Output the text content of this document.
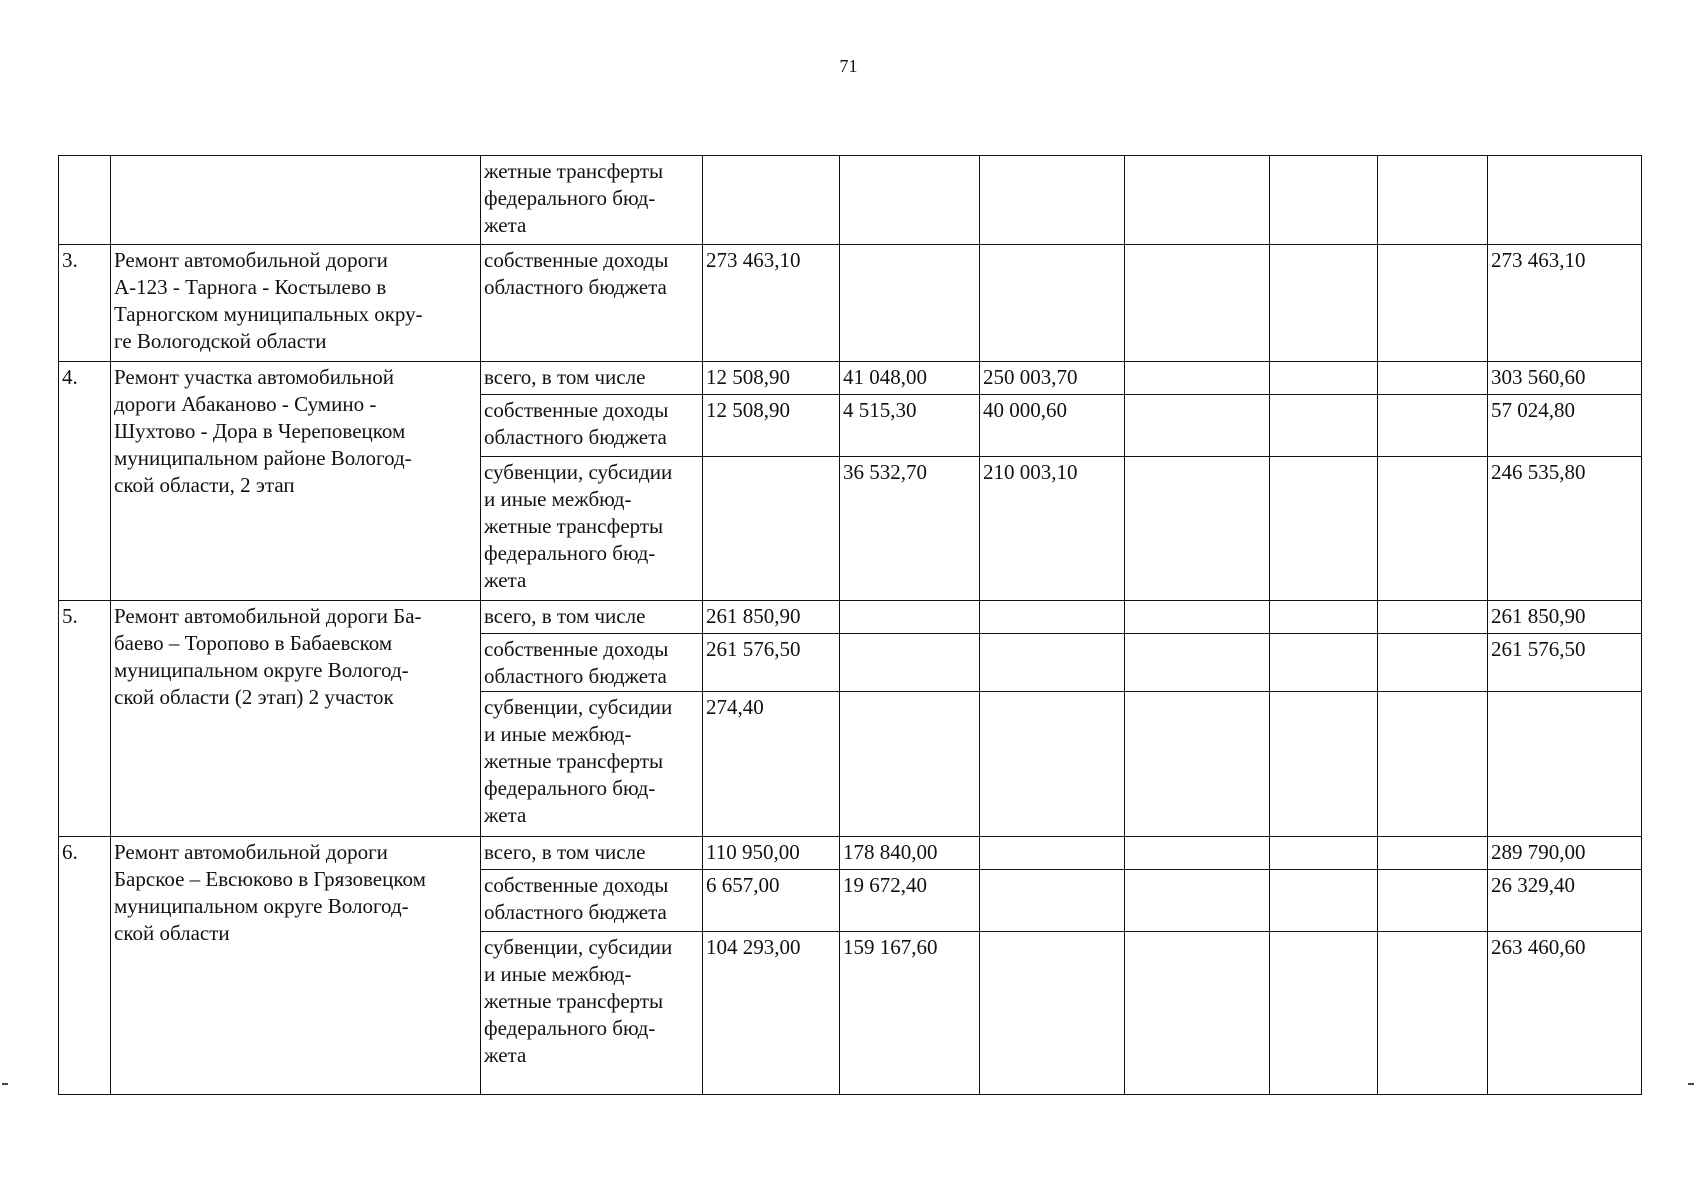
71
		жетные трансферты
федерального бюд-
жета							
3.	Ремонт автомобильной дороги
А-123 - Тарнога - Костылево в
Тарногском муниципальных окру-
ге Вологодской области	собственные доходы
областного бюджета	273 463,10						273 463,10
4.	Ремонт участка автомобильной
дороги Абаканово - Сумино -
Шухтово - Дора в Череповецком
муниципальном районе Вологод-
ской области, 2 этап	всего, в том числе	12 508,90	41 048,00	250 003,70				303 560,60
		собственные доходы
областного бюджета	12 508,90	4 515,30	40 000,60				57 024,80
		субвенции, субсидии
и иные межбюд-
жетные трансферты
федерального бюд-
жета		36 532,70	210 003,10				246 535,80
5.	Ремонт автомобильной дороги Ба-
баево – Торопово в Бабаевском
муниципальном округе Вологод-
ской области (2 этап) 2 участок	всего, в том числе	261 850,90						261 850,90
		собственные доходы
областного бюджета	261 576,50						261 576,50
		субвенции, субсидии
и иные межбюд-
жетные трансферты
федерального бюд-
жета	274,40						
6.	Ремонт автомобильной дороги
Барское – Евсюково в Грязовецком
муниципальном округе Вологод-
ской области	всего, в том числе	110 950,00	178 840,00					289 790,00
		собственные доходы
областного бюджета	6 657,00	19 672,40					26 329,40
		субвенции, субсидии
и иные межбюд-
жетные трансферты
федерального бюд-
жета	104 293,00	159 167,60					263 460,60
